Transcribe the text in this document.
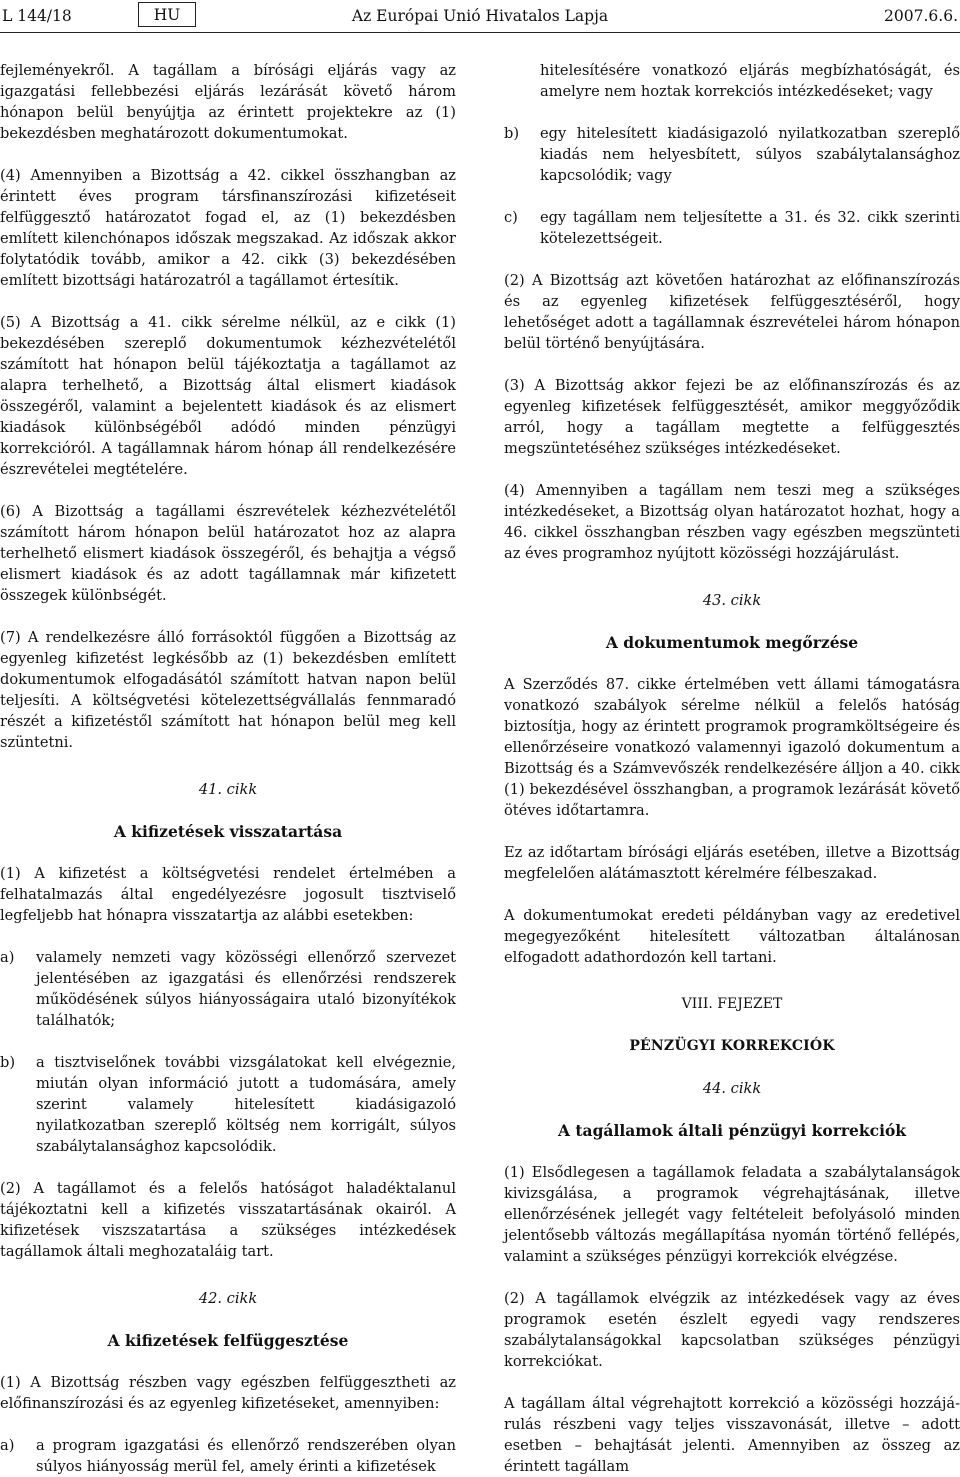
L 144/18	HU	Az Európai Unió Hivatalos Lapja	2007.6.6.

fejleményekről. A tagállam a bírósági eljárás vagy az igazgatási fellebbezési eljárás lezárását követő három hónapon belül benyújtja az érintett projektekre az (1) bekezdésben meghatározott dokumentumokat.

(4) Amennyiben a Bizottság a 42. cikkel összhangban az érintett éves program társfinanszírozási kifizetéseit felfüggesztő határozatot fogad el, az (1) bekezdésben említett kilenchónapos időszak megszakad. Az időszak akkor folytatódik tovább, amikor a 42. cikk (3) bekezdésében említett bizottsági határozatról a tagállamot értesítik.

(5) A Bizottság a 41. cikk sérelme nélkül, az e cikk (1) bekezdésében szereplő dokumentumok kézhezvételétől számított hat hónapon belül tájékoztatja a tagállamot az alapra terhelhető, a Bizottság által elismert kiadások összegéről, valamint a bejelentett kiadások és az elismert kiadások különbségéből adódó minden pénzügyi korrekcióról. A tagállamnak három hónap áll rendelkezésére észrevételei megtételére.

(6) A Bizottság a tagállami észrevételek kézhezvételétől számított három hónapon belül határozatot hoz az alapra terhelhető elismert kiadások összegéről, és behajtja a végső elismert kiadások és az adott tagállamnak már kifizetett összegek különbségét.

(7) A rendelkezésre álló forrásoktól függően a Bizottság az egyenleg kifizetést legkésőbb az (1) bekezdésben említett dokumentumok elfogadásától számított hatvan napon belül teljesíti. A költségvetési kötelezettségvállalás fennmaradó részét a kifizetéstől számított hat hónapon belül meg kell szüntetni.

41. cikk

A kifizetések visszatartása

(1) A kifizetést a költségvetési rendelet értelmében a felhatalmazás által engedélyezésre jogosult tisztviselő legfeljebb hat hónapra visszatartja az alábbi esetekben:

a)	valamely nemzeti vagy közösségi ellenőrző szervezet jelentésében az igazgatási és ellenőrzési rendszerek működésének súlyos hiányosságaira utaló bizonyítékok találhatók;
b)	a tisztviselőnek további vizsgálatokat kell elvégeznie, miután olyan információ jutott a tudomására, amely szerint valamely hitelesített kiadásigazoló nyilatkozatban szereplő költség nem korrigált, súlyos szabálytalansághoz kapcsolódik.

(2) A tagállamot és a felelős hatóságot haladéktalanul tájékoztatni kell a kifizetés visszatartásának okairól. A kifizetések viszszatartása a szükséges intézkedések tagállamok általi meghozataláig tart.

42. cikk

A kifizetések felfüggesztése

(1) A Bizottság részben vagy egészben felfüggesztheti az előfinanszírozási és az egyenleg kifizetéseket, amennyiben:

a)	a program igazgatási és ellenőrző rendszerében olyan súlyos hiányosság merül fel, amely érinti a kifizetések
hitelesítésére vonatkozó eljárás megbízhatóságát, és amelyre nem hoztak korrekciós intézkedéseket; vagy
b)	egy hitelesített kiadásigazoló nyilatkozatban szereplő kiadás nem helyesbített, súlyos szabálytalansághoz kapcsolódik; vagy
c)	egy tagállam nem teljesítette a 31. és 32. cikk szerinti kötelezettségeit.

(2) A Bizottság azt követően határozhat az előfinanszírozás és az egyenleg kifizetések felfüggesztéséről, hogy lehetőséget adott a tagállamnak észrevételei három hónapon belül történő benyújtására.

(3) A Bizottság akkor fejezi be az előfinanszírozás és az egyenleg kifizetések felfüggesztését, amikor meggyőződik arról, hogy a tagállam megtette a felfüggesztés megszüntetéséhez szükséges intézkedéseket.

(4) Amennyiben a tagállam nem teszi meg a szükséges intézkedéseket, a Bizottság olyan határozatot hozhat, hogy a 46. cikkel összhangban részben vagy egészben megszünteti az éves programhoz nyújtott közösségi hozzájárulást.

43. cikk

A dokumentumok megőrzése

A Szerződés 87. cikke értelmében vett állami támogatásra vonatkozó szabályok sérelme nélkül a felelős hatóság biztosítja, hogy az érintett programok programköltségeire és ellenőrzéseire vonatkozó valamennyi igazoló dokumentum a Bizottság és a Számvevőszék rendelkezésére álljon a 40. cikk (1) bekezdésével összhangban, a programok lezárását követő ötéves időtartamra.

Ez az időtartam bírósági eljárás esetében, illetve a Bizottság megfelelően alátámasztott kérelmére félbeszakad.

A dokumentumokat eredeti példányban vagy az eredetivel megegyezőként hitelesített változatban általánosan elfogadott adathordozón kell tartani.

VIII. FEJEZET

PÉNZÜGYI KORREKCIÓK

44. cikk

A tagállamok általi pénzügyi korrekciók

(1) Elsődlegesen a tagállamok feladata a szabálytalanságok kivizsgálása, a programok végrehajtásának, illetve ellenőrzésének jellegét vagy feltételeit befolyásoló minden jelentősebb változás megállapítása nyomán történő fellépés, valamint a szükséges pénzügyi korrekciók elvégzése.

(2) A tagállamok elvégzik az intézkedések vagy az éves programok esetén észlelt egyedi vagy rendszeres szabálytalanságokkal kapcsolatban szükséges pénzügyi korrekciókat.

A tagállam által végrehajtott korrekció a közösségi hozzájárulás részbeni vagy teljes visszavonását, illetve – adott esetben – behajtását jelenti. Amennyiben az összeg az érintett tagállam
